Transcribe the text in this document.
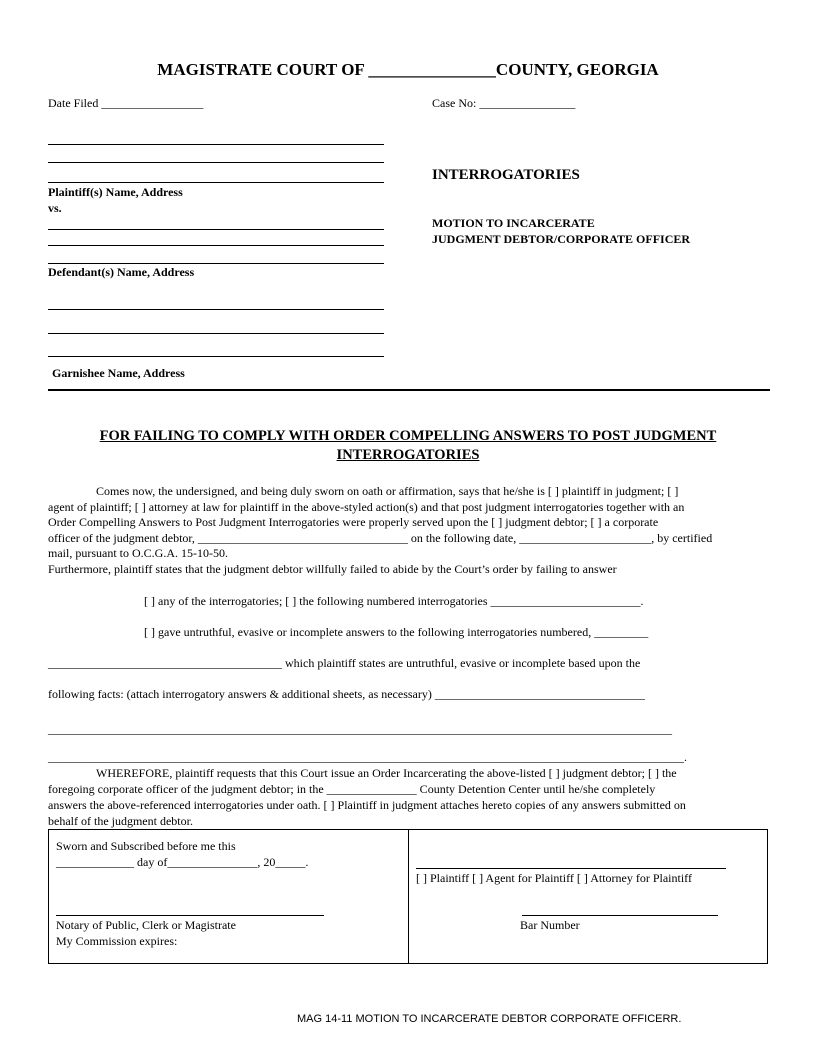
MAGISTRATE COURT OF _______________COUNTY, GEORGIA
Date Filed _________________	Case No: ________________
Plaintiff(s) Name, Address
vs.
Defendant(s) Name, Address
Garnishee Name, Address
INTERROGATORIES
MOTION TO INCARCERATE
JUDGMENT DEBTOR/CORPORATE OFFICER
FOR FAILING TO COMPLY WITH ORDER COMPELLING ANSWERS TO POST JUDGMENT
INTERROGATORIES
Comes now, the undersigned, and being duly sworn on oath or affirmation, says that he/she is [ ] plaintiff in judgment; [ ]
agent of plaintiff; [ ] attorney at law for plaintiff in the above-styled action(s) and that post judgment interrogatories together with an
Order Compelling Answers to Post Judgment Interrogatories were properly served upon the [ ] judgment debtor; [ ] a corporate
officer of the judgment debtor, ___________________________________ on the following date, ______________________, by certified
mail, pursuant to O.C.G.A. 15-10-50.
Furthermore, plaintiff states that the judgment debtor willfully failed to abide by the Court’s order by failing to answer
[ ] any of the interrogatories; [ ] the following numbered interrogatories _________________________.
[ ] gave untruthful, evasive or incomplete answers to the following interrogatories numbered, _________
_______________________________________ which plaintiff states are untruthful, evasive or incomplete based upon the
following facts: (attach interrogatory answers & additional sheets, as necessary) ___________________________________
________________________________________________________________________________________________________
__________________________________________________________________________________________________________.
WHEREFORE, plaintiff requests that this Court issue an Order Incarcerating the above-listed [ ] judgment debtor; [ ] the
foregoing corporate officer of the judgment debtor; in the _______________ County Detention Center until he/she completely
answers the above-referenced interrogatories under oath. [ ] Plaintiff in judgment attaches hereto copies of any answers submitted on
behalf of the judgment debtor.
Sworn and Subscribed before me this
_____________ day of_______________, 20_____.
Notary of Public, Clerk or Magistrate
My Commission expires:
[ ] Plaintiff [ ] Agent for Plaintiff [ ] Attorney for Plaintiff
Bar Number
MAG 14-11 MOTION TO INCARCERATE DEBTOR CORPORATE OFFICERR.
